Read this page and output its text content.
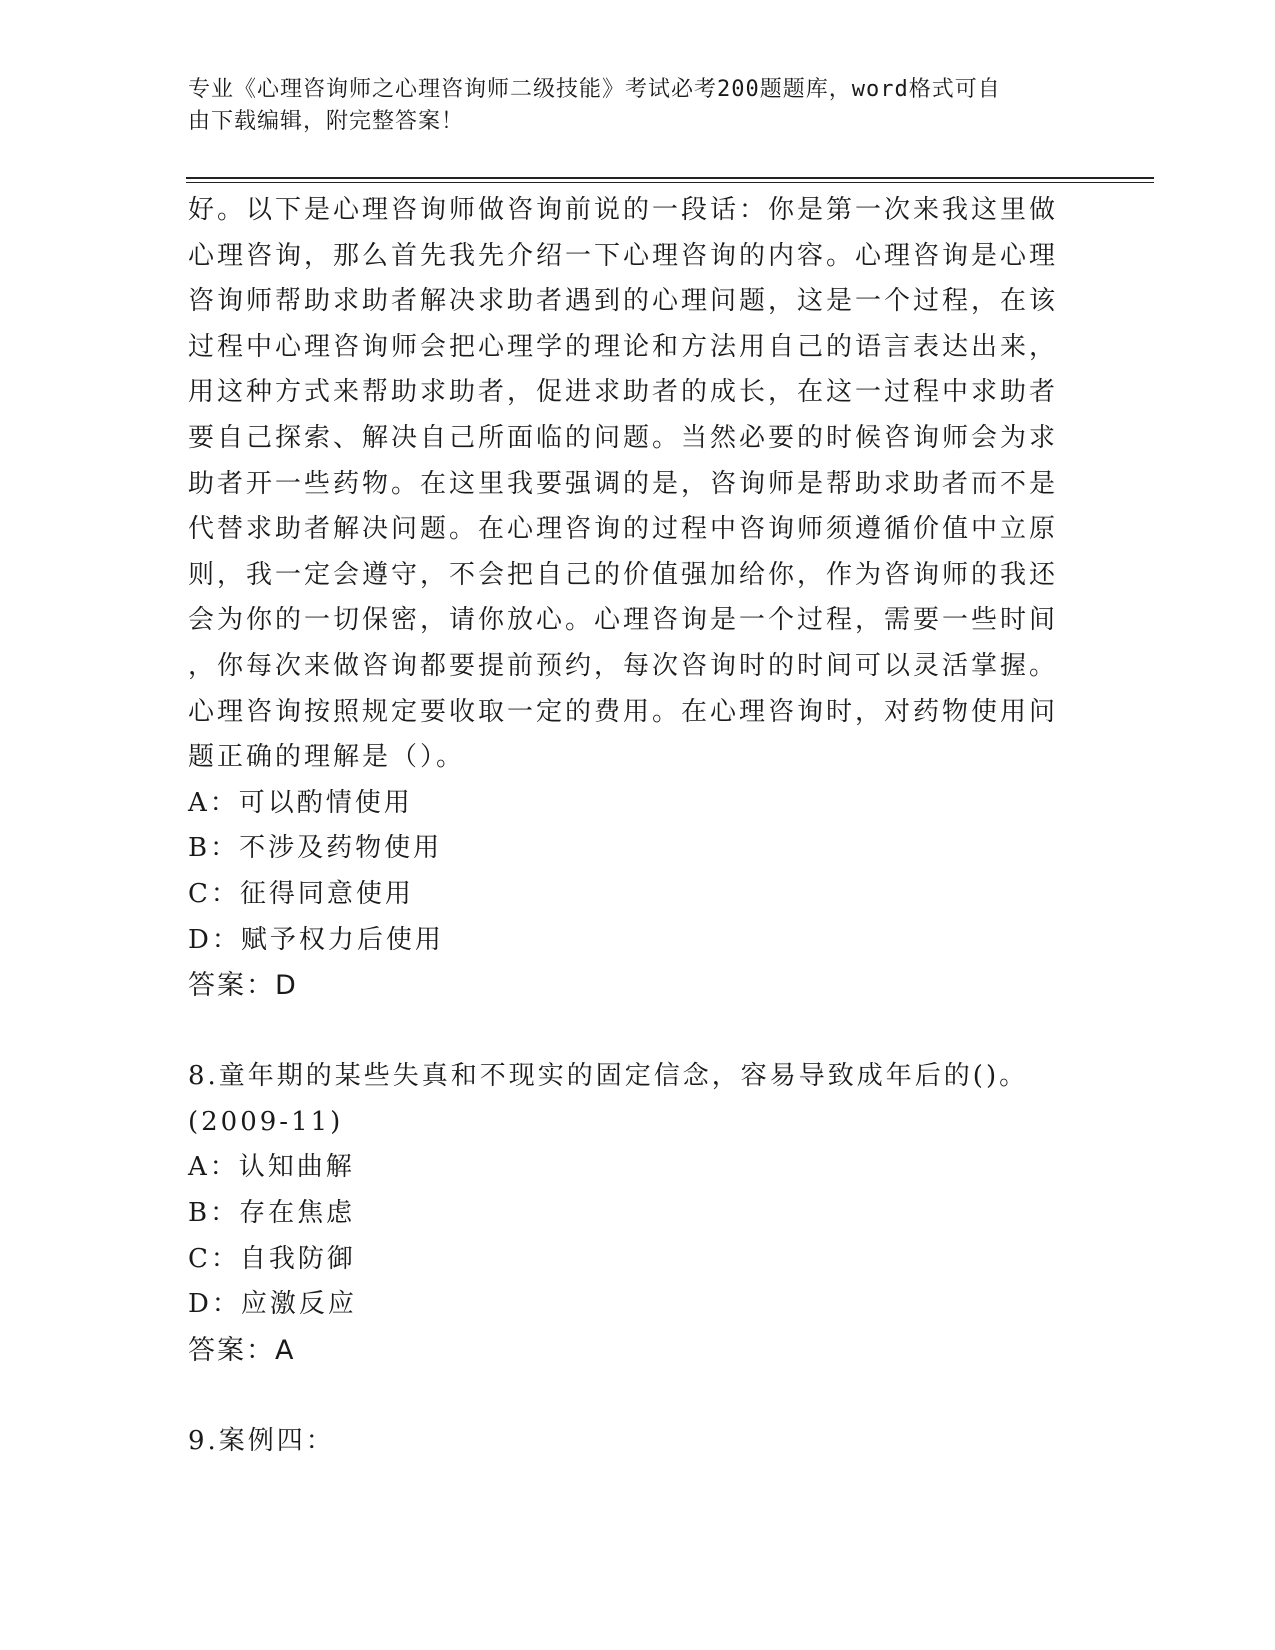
专业《心理咨询师之心理咨询师二级技能》考试必考200题题库，word格式可自
由下载编辑，附完整答案！

好。以下是心理咨询师做咨询前说的一段话：你是第一次来我这里做

心理咨询，那么首先我先介绍一下心理咨询的内容。心理咨询是心理

咨询师帮助求助者解决求助者遇到的心理问题，这是一个过程，在该

过程中心理咨询师会把心理学的理论和方法用自己的语言表达出来，

用这种方式来帮助求助者，促进求助者的成长，在这一过程中求助者

要自己探索、解决自己所面临的问题。当然必要的时候咨询师会为求

助者开一些药物。在这里我要强调的是，咨询师是帮助求助者而不是

代替求助者解决问题。在心理咨询的过程中咨询师须遵循价值中立原

则，我一定会遵守，不会把自己的价值强加给你，作为咨询师的我还

会为你的一切保密，请你放心。心理咨询是一个过程，需要一些时间

，你每次来做咨询都要提前预约，每次咨询时的时间可以灵活掌握。

心理咨询按照规定要收取一定的费用。在心理咨询时，对药物使用问

题正确的理解是（）。

A：可以酌情使用

B：不涉及药物使用

C：征得同意使用

D：赋予权力后使用

答案：D

8.童年期的某些失真和不现实的固定信念，容易导致成年后的()。

(2009-11)

A：认知曲解

B：存在焦虑

C：自我防御

D：应激反应

答案：A

9.案例四：
